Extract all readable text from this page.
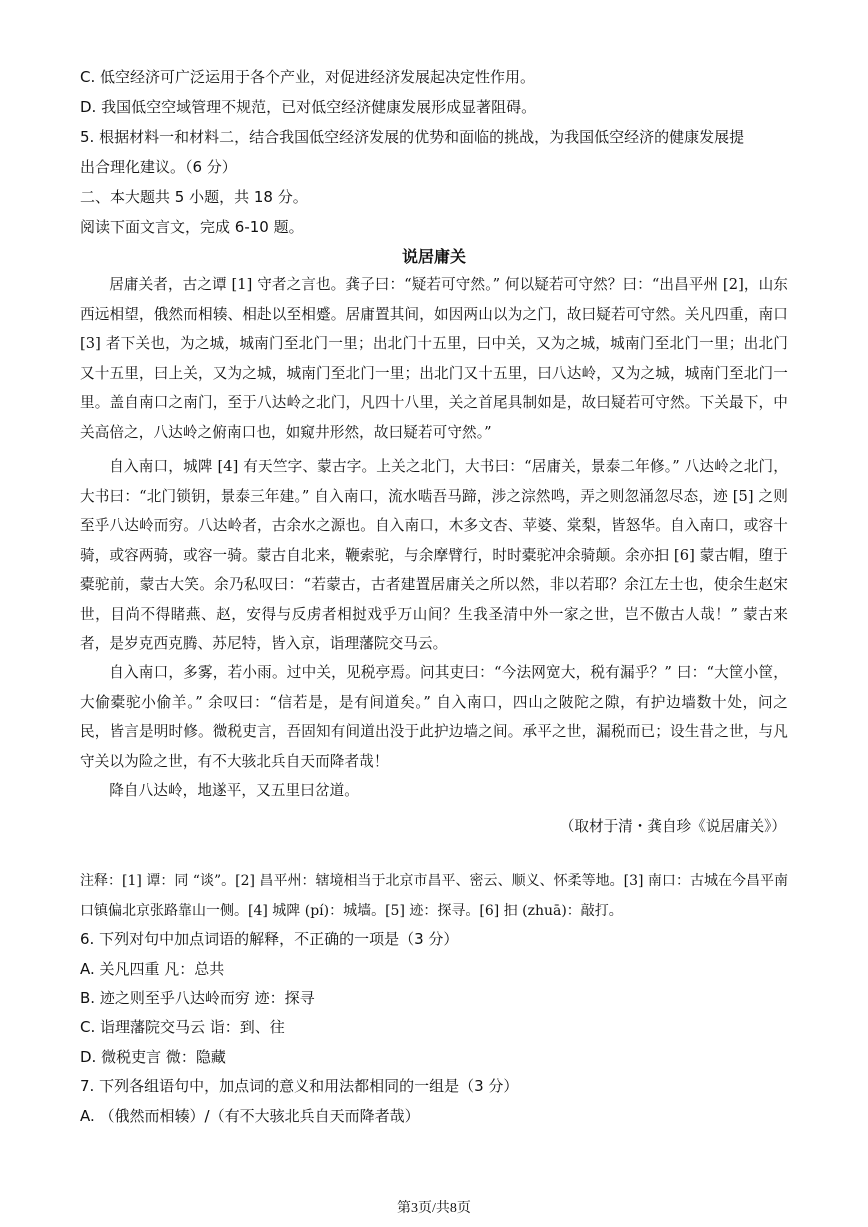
C. 低空经济可广泛运用于各个产业，对促进经济发展起决定性作用。
D. 我国低空空域管理不规范，已对低空经济健康发展形成显著阻碍。
5. 根据材料一和材料二，结合我国低空经济发展的优势和面临的挑战，为我国低空经济的健康发展提
出合理化建议。（6 分）
二、本大题共 5 小题，共 18 分。
阅读下面文言文，完成 6-10 题。
说居庸关
居庸关者，古之谭 [1] 守者之言也。龚子曰：“疑若可守然。” 何以疑若可守然？曰：“出昌平州 [2]，山东西远相望，俄然而相辏、相赴以至相蹙。居庸置其间，如因两山以为之门，故曰疑若可守然。关凡四重，南口 [3] 者下关也，为之城，城南门至北门一里；出北门十五里，曰中关，又为之城，城南门至北门一里；出北门又十五里，曰上关，又为之城，城南门至北门一里；出北门又十五里，曰八达岭，又为之城，城南门至北门一里。盖自南口之南门，至于八达岭之北门，凡四十八里，关之首尾具制如是，故曰疑若可守然。下关最下，中关高倍之，八达岭之俯南口也，如窥井形然，故曰疑若可守然。”
自入南口，城陴 [4] 有天竺字、蒙古字。上关之北门，大书曰：“居庸关，景泰二年修。” 八达岭之北门，大书曰：“北门锁钥，景泰三年建。” 自入南口，流水啮吾马蹄，涉之淙然鸣，弄之则忽涌忽尽态，迹 [5] 之则至乎八达岭而穷。八达岭者，古余水之源也。自入南口，木多文杏、苹婆、棠梨，皆怒华。自入南口，或容十骑，或容两骑，或容一骑。蒙古自北来，鞭索驼，与余摩臂行，时时橐驼冲余骑颠。余亦抇 [6] 蒙古帽，堕于橐驼前，蒙古大笑。余乃私叹曰：“若蒙古，古者建置居庸关之所以然，非以若耶？余江左士也，使余生赵宋世，目尚不得睹燕、赵，安得与反虏者相挝戏乎万山间？生我圣清中外一家之世，岂不傲古人哉！” 蒙古来者，是岁克西克腾、苏尼特，皆入京，诣理藩院交马云。
自入南口，多雾，若小雨。过中关，见税亭焉。问其吏曰：“今法网宽大，税有漏乎？” 曰：“大筐小筐，大偷橐驼小偷羊。” 余叹曰：“信若是，是有间道矣。” 自入南口，四山之陂陀之隙，有护边墙数十处，问之民，皆言是明时修。微税吏言，吾固知有间道出没于此护边墙之间。承平之世，漏税而已；设生昔之世，与凡守关以为险之世，有不大骇北兵自天而降者哉！
降自八达岭，地遂平，又五里曰岔道。
（取材于清・龚自珍《说居庸关》）
注释：[1] 谭：同 “谈”。[2] 昌平州：辖境相当于北京市昌平、密云、顺义、怀柔等地。[3] 南口：古城在今昌平南口镇偏北京张路靠山一侧。[4] 城陴 (pí)：城墙。[5] 迹：探寻。[6] 抇 (zhuā)：敲打。
6. 下列对句中加点词语的解释，不正确的一项是（3 分）
A. 关凡四重 凡：总共
B. 迹之则至乎八达岭而穷 迹：探寻
C. 诣理藩院交马云 诣：到、往
D. 微税吏言 微：隐藏
7. 下列各组语句中，加点词的意义和用法都相同的一组是（3 分）
A. （俄然而相辏）/（有不大骇北兵自天而降者哉）
第3页/共8页
